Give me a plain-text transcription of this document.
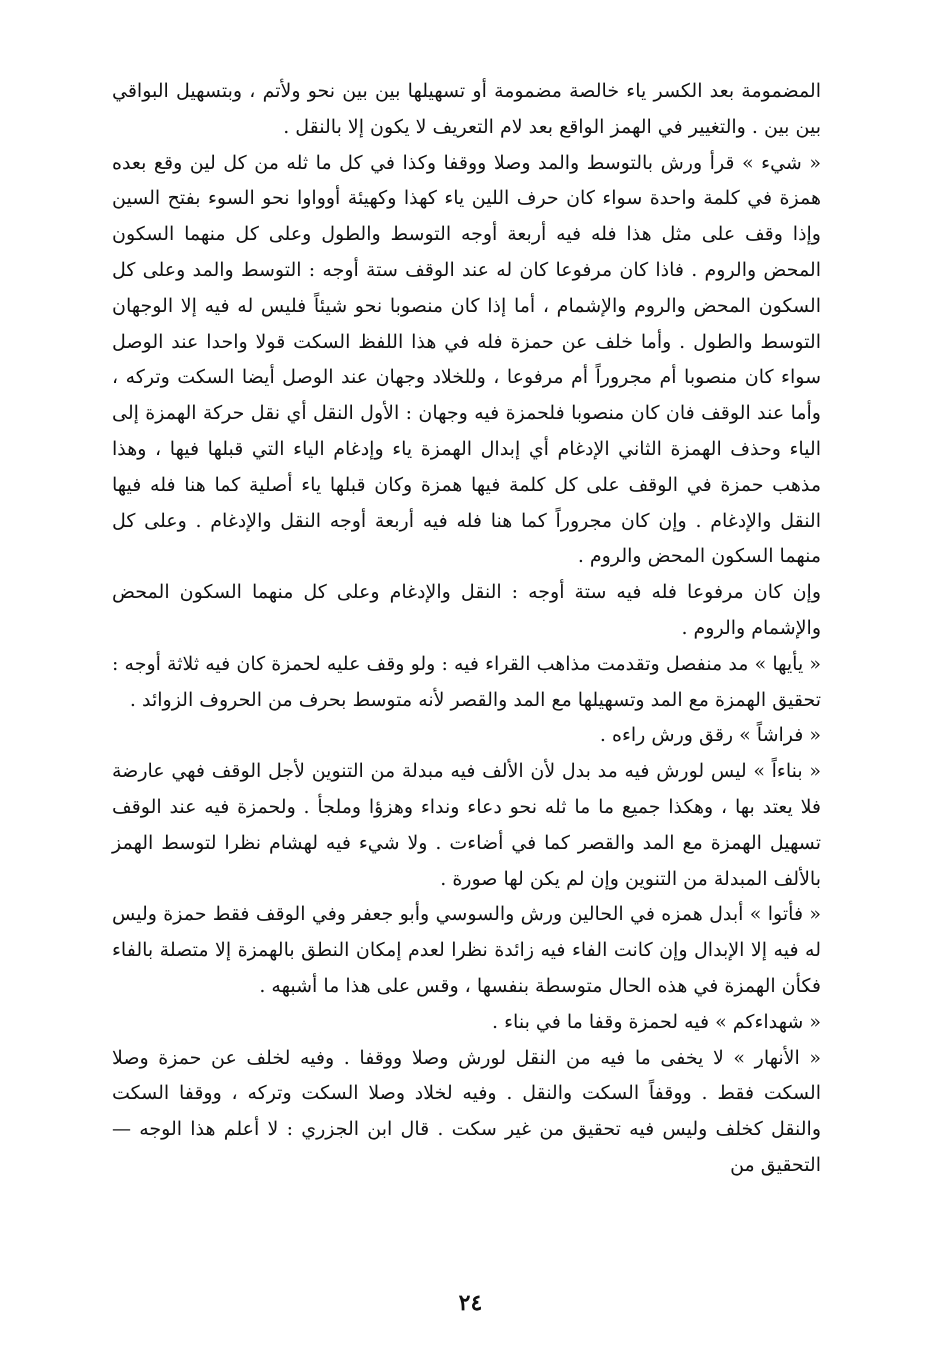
المضمومة بعد الكسر ياء خالصة مضمومة أو تسهيلها بين بين نحو ولأتم ، وبتسهيل البواقي بين بين . والتغيير في الهمز الواقع بعد لام التعريف لا يكون إلا بالنقل .

« شيء » قرأ ورش بالتوسط والمد وصلا ووقفا وكذا في كل ما ثله من كل لين وقع بعده همزة في كلمة واحدة سواء كان حرف اللين ياء كهذا وكهيئة أوواوا نحو السوء بفتح السين وإذا وقف على مثل هذا فله فيه أربعة أوجه التوسط والطول وعلى كل منهما السكون المحض والروم . فاذا كان مرفوعا كان له عند الوقف ستة أوجه : التوسط والمد وعلى كل السكون المحض والروم والإشمام ، أما إذا كان منصوبا نحو شيئاً فليس له فيه إلا الوجهان التوسط والطول . وأما خلف عن حمزة فله في هذا اللفظ السكت قولا واحدا عند الوصل سواء كان منصوبا أم مجروراً أم مرفوعا ، وللخلاد وجهان عند الوصل أيضا السكت وتركه ، وأما عند الوقف فان كان منصوبا فلحمزة فيه وجهان : الأول النقل أي نقل حركة الهمزة إلى الياء وحذف الهمزة الثاني الإدغام أي إبدال الهمزة ياء وإدغام الياء التي قبلها فيها ، وهذا مذهب حمزة في الوقف على كل كلمة فيها همزة وكان قبلها ياء أصلية كما هنا فله فيها النقل والإدغام . وإن كان مجروراً كما هنا فله فيه أربعة أوجه النقل والإدغام . وعلى كل منهما السكون المحض والروم .

وإن كان مرفوعا فله فيه ستة أوجه : النقل والإدغام وعلى كل منهما السكون المحض والإشمام والروم .

« يأيها » مد منفصل وتقدمت مذاهب القراء فيه : ولو وقف عليه لحمزة كان فيه ثلاثة أوجه : تحقيق الهمزة مع المد وتسهيلها مع المد والقصر لأنه متوسط بحرف من الحروف الزوائد .

« فراشاً » رقق ورش راءه .

« بناءاً » ليس لورش فيه مد بدل لأن الألف فيه مبدلة من التنوين لأجل الوقف فهي عارضة فلا يعتد بها ، وهكذا جميع ما ما ثله نحو دعاء ونداء وهزؤا وملجأ . ولحمزة فيه عند الوقف تسهيل الهمزة مع المد والقصر كما في أضاءت . ولا شيء فيه لهشام نظرا لتوسط الهمز بالألف المبدلة من التنوين وإن لم يكن لها صورة .

« فأتوا » أبدل همزه في الحالين ورش والسوسي وأبو جعفر وفي الوقف فقط حمزة وليس له فيه إلا الإبدال وإن كانت الفاء فيه زائدة نظرا لعدم إمكان النطق بالهمزة إلا متصلة بالفاء فكأن الهمزة في هذه الحال متوسطة بنفسها ، وقس على هذا ما أشبهه .

« شهداءكم » فيه لحمزة وقفا ما في بناء .

« الأنهار » لا يخفى ما فيه من النقل لورش وصلا ووقفا . وفيه لخلف عن حمزة وصلا السكت فقط . ووقفاً السكت والنقل . وفيه لخلاد وصلا السكت وتركه ، ووقفا السكت والنقل كخلف وليس فيه تحقيق من غير سكت . قال ابن الجزري : لا أعلم هذا الوجه — التحقيق من

٢٤
